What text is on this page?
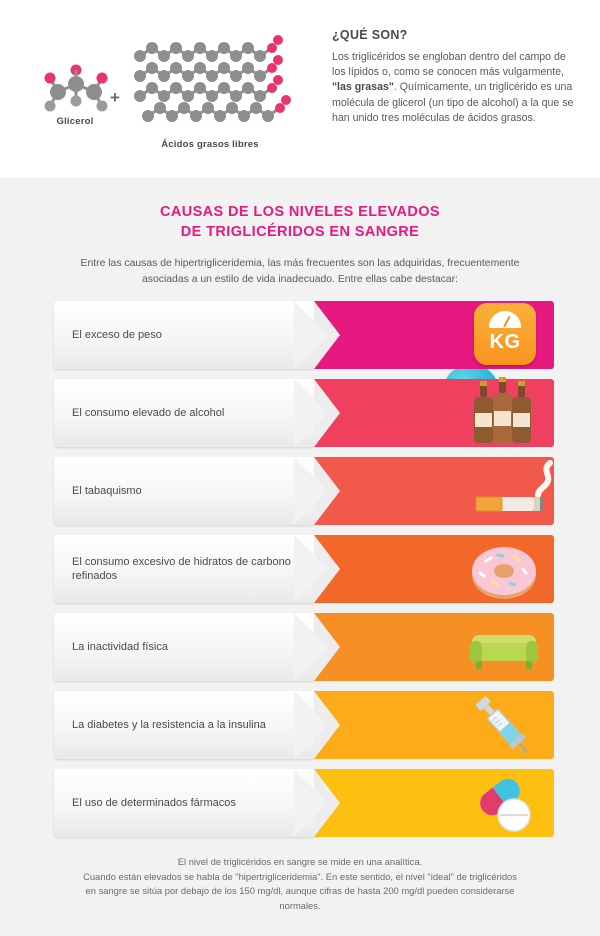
+
Glicerol
Ácidos grasos libres
¿QUÉ SON?

Los triglicéridos se engloban dentro del campo de los lípidos o, como se conocen más vulgarmente, "las grasas". Químicamente, un triglicérido es una molécula de glicerol (un tipo de alcohol) a la que se han unido tres moléculas de ácidos grasos.

CAUSAS DE LOS NIVELES ELEVADOS
DE TRIGLICÉRIDOS EN SANGRE

Entre las causas de hipertrigliceridemia, las más frecuentes son las adquiridas, frecuentemente asociadas a un estilo de vida inadecuado. Entre ellas cabe destacar:

El exceso de peso	KG
El consumo elevado de alcohol
El tabaquismo
El consumo excesivo de hidratos de carbono refinados
La inactividad física
La diabetes y la resistencia a la insulina
El uso de determinados fármacos
El nivel de triglicéridos en sangre se mide en una analítica.
Cuando están elevados se habla de "hipertrigliceridemia". En este sentido, el nivel "ideal" de triglicéridos
en sangre se sitúa por debajo de los 150 mg/dl, aunque cifras de hasta 200 mg/dl pueden considerarse
normales.
